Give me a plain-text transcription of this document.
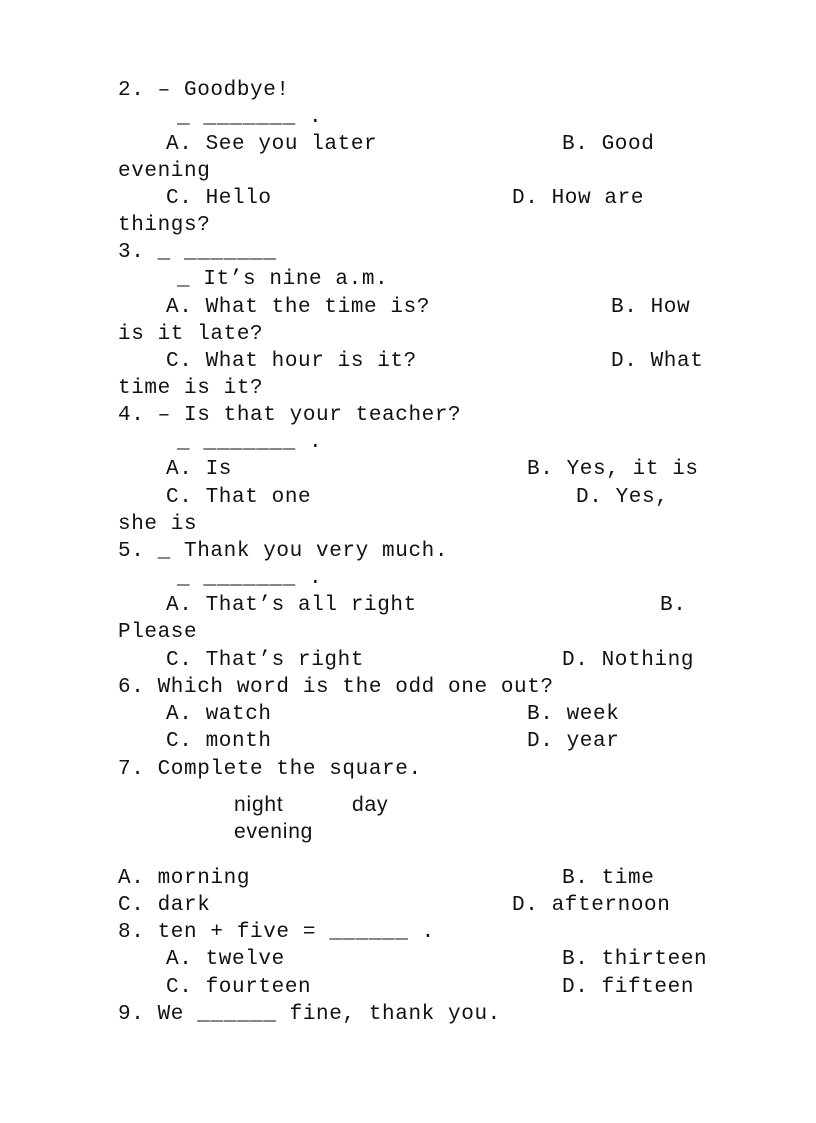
2. – Goodbye!
_ _______ .
A. See you later	B. Good
evening
C. Hello	D. How are
things?
3. _ _______
_ It’s nine a.m.
A. What the time is?	B. How
is it late?
C. What hour is it?	D. What
time is it?
4. – Is that your teacher?
_ _______ .
A. Is	B. Yes, it is
C. That one	D. Yes,
she is
5. _ Thank you very much.
_ _______ .
A. That’s all right	B.
Please
C. That’s right	D. Nothing
6. Which word is the odd one out?
A. watch	B. week
C. month	D. year
7. Complete the square.
night	day
evening
A. morning	B. time
C. dark	D. afternoon
8. ten + five = ______ .
A. twelve	B. thirteen
C. fourteen	D. fifteen
9. We ______ fine, thank you.
